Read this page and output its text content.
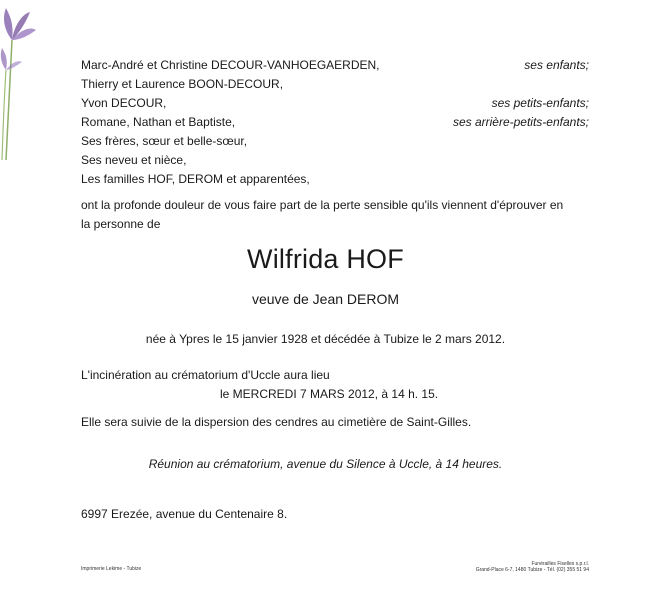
Marc-André et Christine DECOUR-VANHOEGAERDEN,
Thierry et Laurence BOON-DECOUR,
Yvon DECOUR,
Romane, Nathan et Baptiste,
Ses frères, sœur et belle-sœur,
Ses neveu et nièce,
Les familles HOF, DEROM et apparentées,
ses enfants;
ses petits-enfants;
ses arrière-petits-enfants;
ont la profonde douleur de vous faire part de la perte sensible qu'ils viennent d'éprouver en
la personne de
Wilfrida HOF
veuve de Jean DEROM
née à Ypres le 15 janvier 1928 et décédée à Tubize le 2 mars 2012.
L'incinération au crématorium d'Uccle aura lieu
le MERCREDI 7 MARS 2012, à 14 h. 15.
Elle sera suivie de la dispersion des cendres au cimetière de Saint-Gilles.
Réunion au crématorium, avenue du Silence à Uccle, à 14 heures.
6997 Erezée, avenue du Centenaire 8.
Imprimerie Lekime - Tubize
Funérailles Fiselles s.p.r.l.
Grand-Place 6-7, 1480 Tubize - Tél. (02) 355 51 94
